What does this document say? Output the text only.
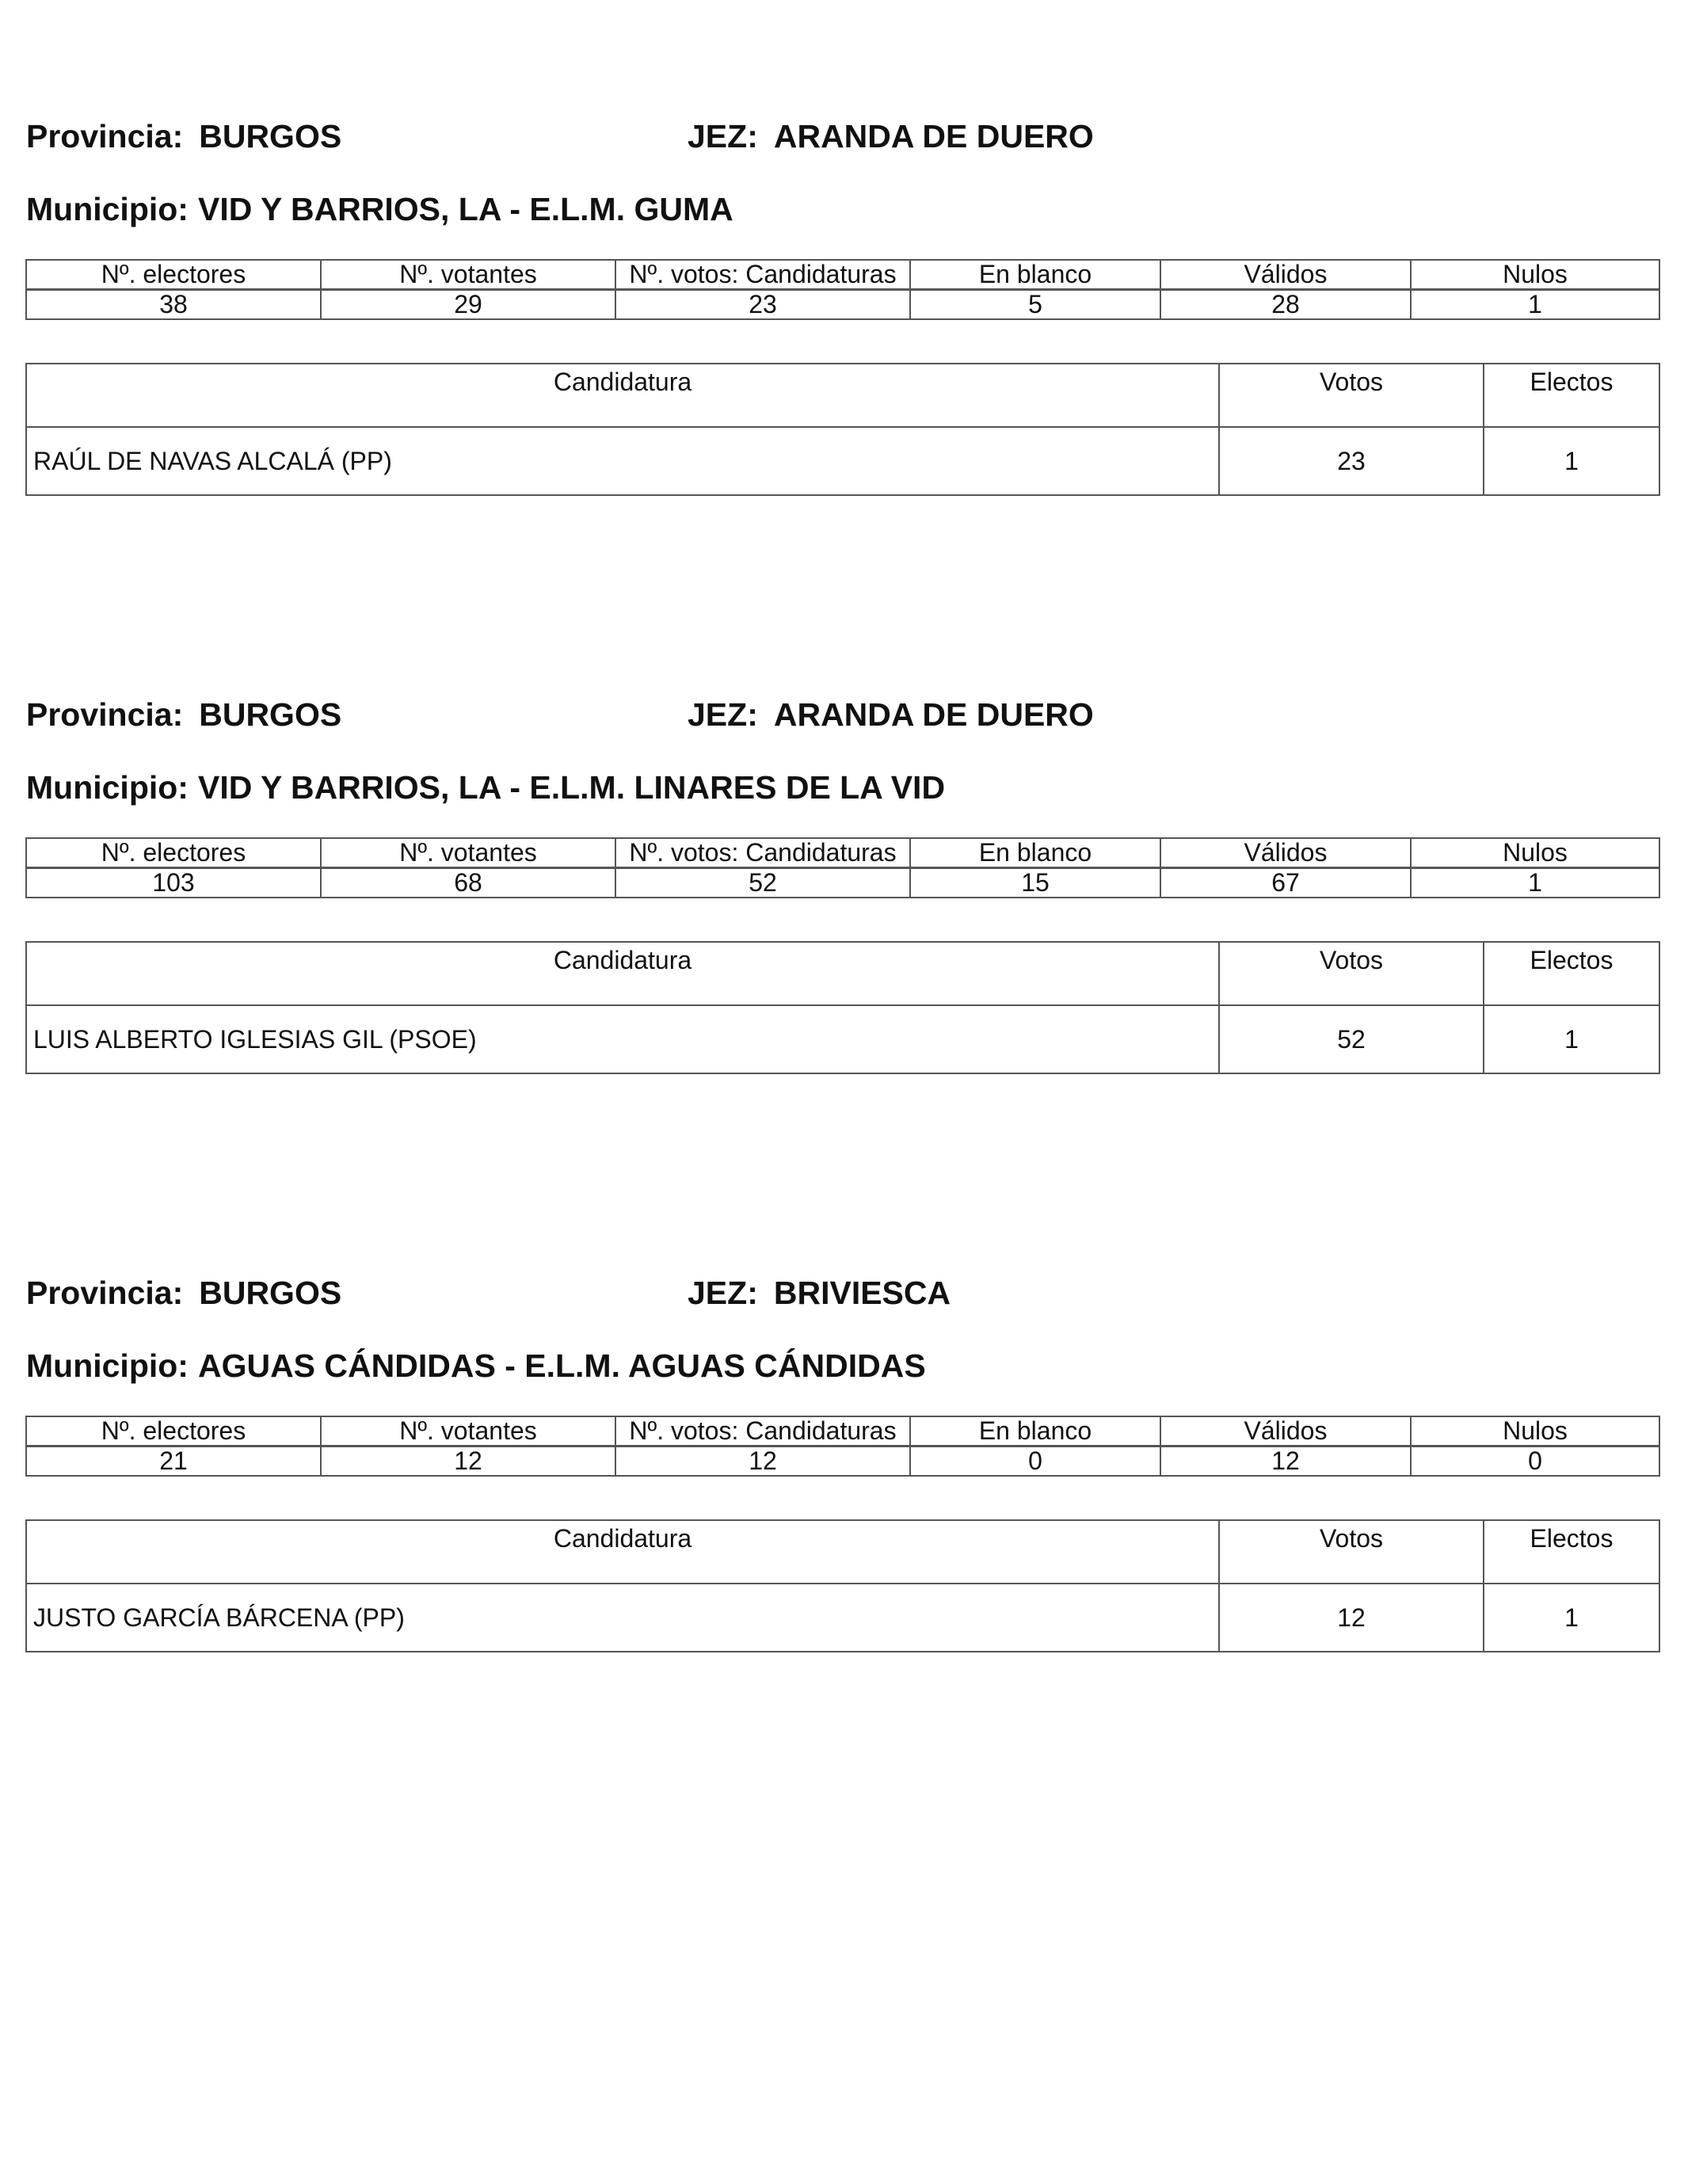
Provincia: BURGOS	JEZ: ARANDA DE DUERO
Municipio: VID Y BARRIOS, LA - E.L.M. GUMA
Nº. electores	Nº. votantes	Nº. votos: Candidaturas	En blanco	Válidos	Nulos
38	29	23	5	28	1
Candidatura	Votos	Electos
RAÚL DE NAVAS ALCALÁ (PP)	23	1
Provincia: BURGOS	JEZ: ARANDA DE DUERO
Municipio: VID Y BARRIOS, LA - E.L.M. LINARES DE LA VID
Nº. electores	Nº. votantes	Nº. votos: Candidaturas	En blanco	Válidos	Nulos
103	68	52	15	67	1
Candidatura	Votos	Electos
LUIS ALBERTO IGLESIAS GIL (PSOE)	52	1
Provincia: BURGOS	JEZ: BRIVIESCA
Municipio: AGUAS CÁNDIDAS - E.L.M. AGUAS CÁNDIDAS
Nº. electores	Nº. votantes	Nº. votos: Candidaturas	En blanco	Válidos	Nulos
21	12	12	0	12	0
Candidatura	Votos	Electos
JUSTO GARCÍA BÁRCENA (PP)	12	1
